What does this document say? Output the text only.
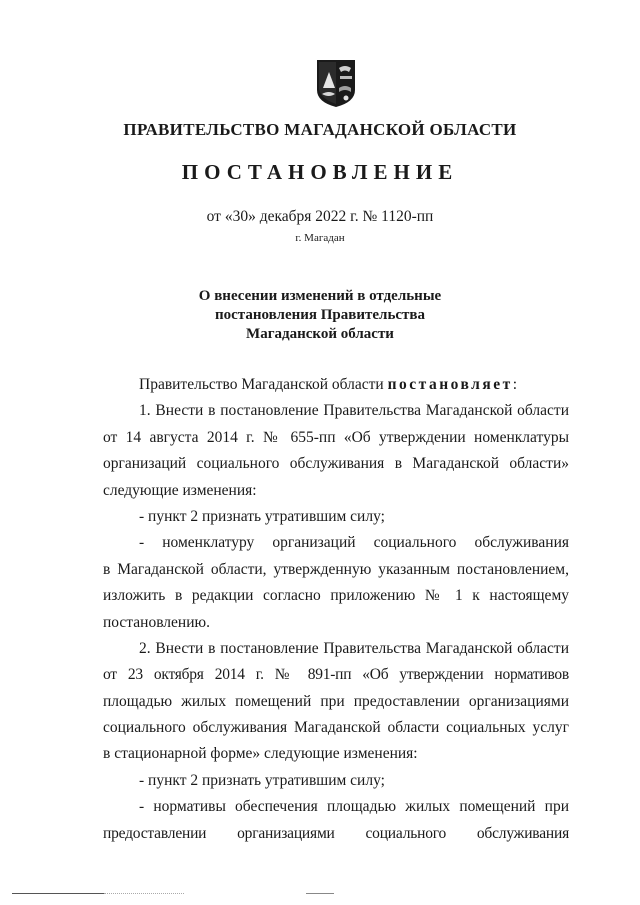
ПРАВИТЕЛЬСТВО МАГАДАНСКОЙ ОБЛАСТИ
ПОСТАНОВЛЕНИЕ
от «30» декабря 2022 г. № 1120-пп
г. Магадан
О внесении изменений в отдельные
постановления Правительства
Магаданской области
Правительство Магаданской области постановляет:
1. Внести в постановление Правительства Магаданской области
от 14 августа 2014 г. № 655-пп «Об утверждении номенклатуры
организаций социального обслуживания в Магаданской области»
следующие изменения:
- пункт 2 признать утратившим силу;
- номенклатуру организаций социального обслуживания
в Магаданской области, утвержденную указанным постановлением,
изложить в редакции согласно приложению № 1 к настоящему
постановлению.
2. Внести в постановление Правительства Магаданской области
от 23 октября 2014 г. № 891-пп «Об утверждении нормативов
площадью жилых помещений при предоставлении организациями
социального обслуживания Магаданской области социальных услуг
в стационарной форме» следующие изменения:
- пункт 2 признать утратившим силу;
- нормативы обеспечения площадью жилых помещений при
предоставлении организациями социального обслуживания
